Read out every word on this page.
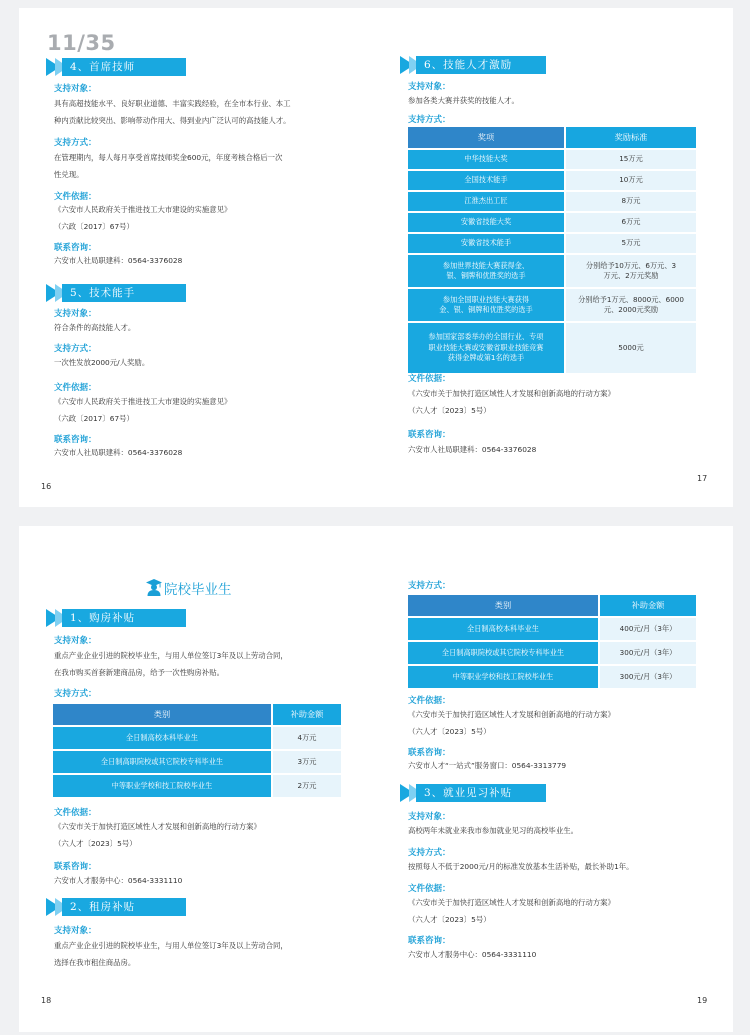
11/35
4、首席技师
支持对象：
具有高超技能水平、良好职业道德、丰富实践经验，在全市本行业、本工
种内贡献比较突出、影响带动作用大、得到业内广泛认可的高技能人才。
支持方式：
在管理期内，每人每月享受首席技师奖金600元，年度考核合格后一次
性兑现。
文件依据：
《六安市人民政府关于推进技工大市建设的实施意见》
（六政〔2017〕67号）
联系咨询：
六安市人社局职建科：0564-3376028
5、技术能手
支持对象：
符合条件的高技能人才。
支持方式：
一次性发放2000元/人奖励。
文件依据：
《六安市人民政府关于推进技工大市建设的实施意见》
（六政〔2017〕67号）
联系咨询：
六安市人社局职建科：0564-3376028
16
6、技能人才激励
支持对象：
参加各类大赛并获奖的技能人才。
支持方式：
奖项	奖励标准
中华技能大奖	15万元
全国技术能手	10万元
江淮杰出工匠	8万元
安徽省技能大奖	6万元
安徽省技术能手	5万元
参加世界技能大赛获得金、
银、铜牌和优胜奖的选手	分别给予10万元、6万元、3
万元、2万元奖励
参加全国职业技能大赛获得
金、银、铜牌和优胜奖的选手	分别给予1万元、8000元、6000
元、2000元奖励
参加国家部委举办的全国行业、专项
职业技能大赛或安徽省职业技能竞赛
获得金牌或第1名的选手	5000元
文件依据：
《六安市关于加快打造区域性人才发展和创新高地的行动方案》
（六人才〔2023〕5号）
联系咨询：
六安市人社局职建科：0564-3376028
17
院校毕业生
1、购房补贴
支持对象：
重点产业企业引进的院校毕业生，与用人单位签订3年及以上劳动合同，
在我市购买首套新建商品房，给予一次性购房补贴。
支持方式：
类别	补助金额
全日制高校本科毕业生	4万元
全日制高职院校或其它院校专科毕业生	3万元
中等职业学校和技工院校毕业生	2万元
文件依据：
《六安市关于加快打造区域性人才发展和创新高地的行动方案》
（六人才〔2023〕5号）
联系咨询：
六安市人才服务中心：0564-3331110
2、租房补贴
支持对象：
重点产业企业引进的院校毕业生，与用人单位签订3年及以上劳动合同，
选择在我市租住商品房。
18
支持方式：
类别	补助金额
全日制高校本科毕业生	400元/月（3年）
全日制高职院校或其它院校专科毕业生	300元/月（3年）
中等职业学校和技工院校毕业生	300元/月（3年）
文件依据：
《六安市关于加快打造区域性人才发展和创新高地的行动方案》
（六人才〔2023〕5号）
联系咨询：
六安市人才“一站式”服务窗口：0564-3313779
3、就业见习补贴
支持对象：
高校两年未就业来我市参加就业见习的高校毕业生。
支持方式：
按照每人不低于2000元/月的标准发放基本生活补贴，最长补助1年。
文件依据：
《六安市关于加快打造区域性人才发展和创新高地的行动方案》
（六人才〔2023〕5号）
联系咨询：
六安市人才服务中心：0564-3331110
19
